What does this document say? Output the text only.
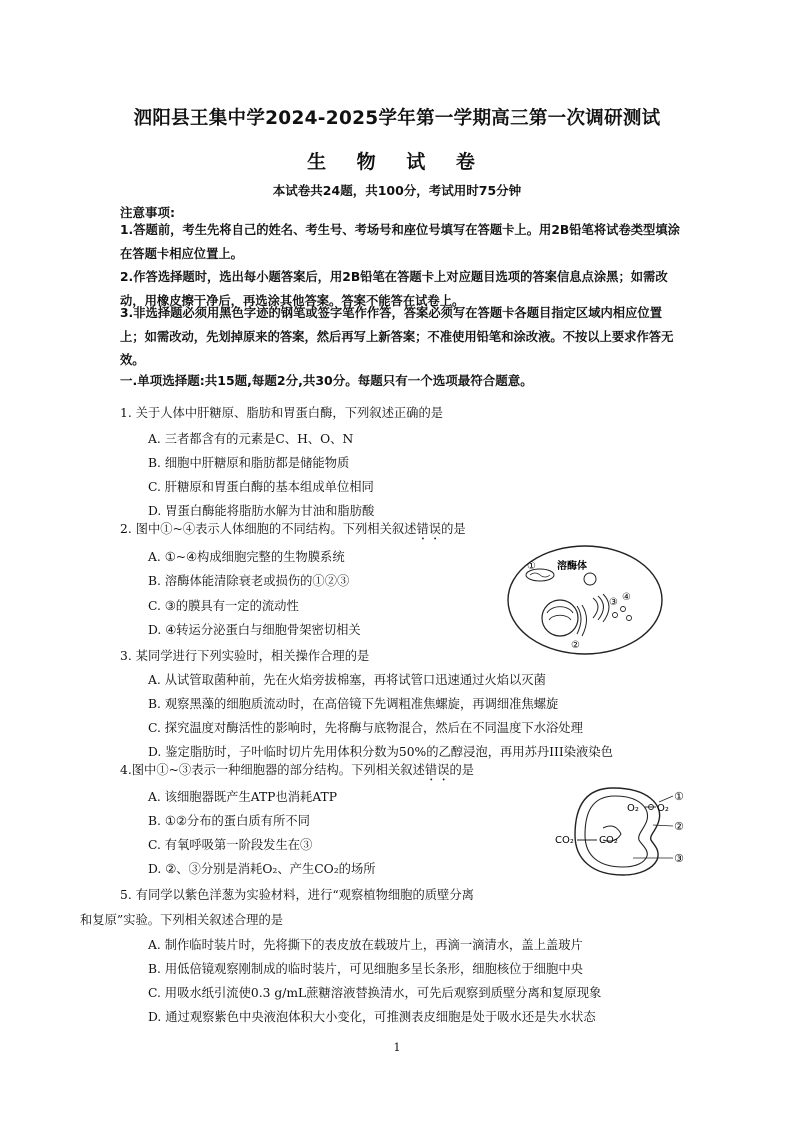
泗阳县王集中学2024-2025学年第一学期高三第一次调研测试
生 物 试 卷
本试卷共24题，共100分，考试用时75分钟
注意事项:
1.答题前，考生先将自己的姓名、考生号、考场号和座位号填写在答题卡上。用2B铅笔将试卷类型填涂在答题卡相应位置上。
2.作答选择题时，选出每小题答案后，用2B铅笔在答题卡上对应题目选项的答案信息点涂黑；如需改动，用橡皮擦干净后，再选涂其他答案。答案不能答在试卷上。
3.非选择题必须用黑色字迹的钢笔或签字笔作作答，答案必须写在答题卡各题目指定区域内相应位置上；如需改动，先划掉原来的答案，然后再写上新答案；不准使用铅笔和涂改液。不按以上要求作答无效。
一.单项选择题:共15题,每题2分,共30分。每题只有一个选项最符合题意。
1. 关于人体中肝糖原、脂肪和胃蛋白酶，下列叙述正确的是
A. 三者都含有的元素是C、H、O、N
B. 细胞中肝糖原和脂肪都是储能物质
C. 肝糖原和胃蛋白酶的基本组成单位相同
D. 胃蛋白酶能将脂肪水解为甘油和脂肪酸
2. 图中①~④表示人体细胞的不同结构。下列相关叙述错误的是
A. ①~④构成细胞完整的生物膜系统
B. 溶酶体能清除衰老或损伤的①②③
C. ③的膜具有一定的流动性
D. ④转运分泌蛋白与细胞骨架密切相关
① 溶酶体
②
③ ④
3. 某同学进行下列实验时，相关操作合理的是
A. 从试管取菌种前，先在火焰旁拔棉塞，再将试管口迅速通过火焰以灭菌
B. 观察黑藻的细胞质流动时，在高倍镜下先调粗准焦螺旋，再调细准焦螺旋
C. 探究温度对酶活性的影响时，先将酶与底物混合，然后在不同温度下水浴处理
D. 鉴定脂肪时，子叶临时切片先用体积分数为50%的乙醇浸泡，再用苏丹III染液染色
4.图中①~③表示一种细胞器的部分结构。下列相关叙述错误的是
A. 该细胞器既产生ATP也消耗ATP
B. ①②分布的蛋白质有所不同
C. 有氧呼吸第一阶段发生在③
D. ②、③分别是消耗O₂、产生CO₂的场所
O₂ O₂
CO₂	CO₂
①
②
③
5. 有同学以紫色洋葱为实验材料，进行“观察植物细胞的质壁分离
和复原”实验。下列相关叙述合理的是
A. 制作临时装片时，先将撕下的表皮放在载玻片上，再滴一滴清水，盖上盖玻片
B. 用低倍镜观察刚制成的临时装片，可见细胞多呈长条形，细胞核位于细胞中央
C. 用吸水纸引流使0.3 g/mL蔗糖溶液替换清水，可先后观察到质壁分离和复原现象
D. 通过观察紫色中央液泡体积大小变化，可推测表皮细胞是处于吸水还是失水状态
1
